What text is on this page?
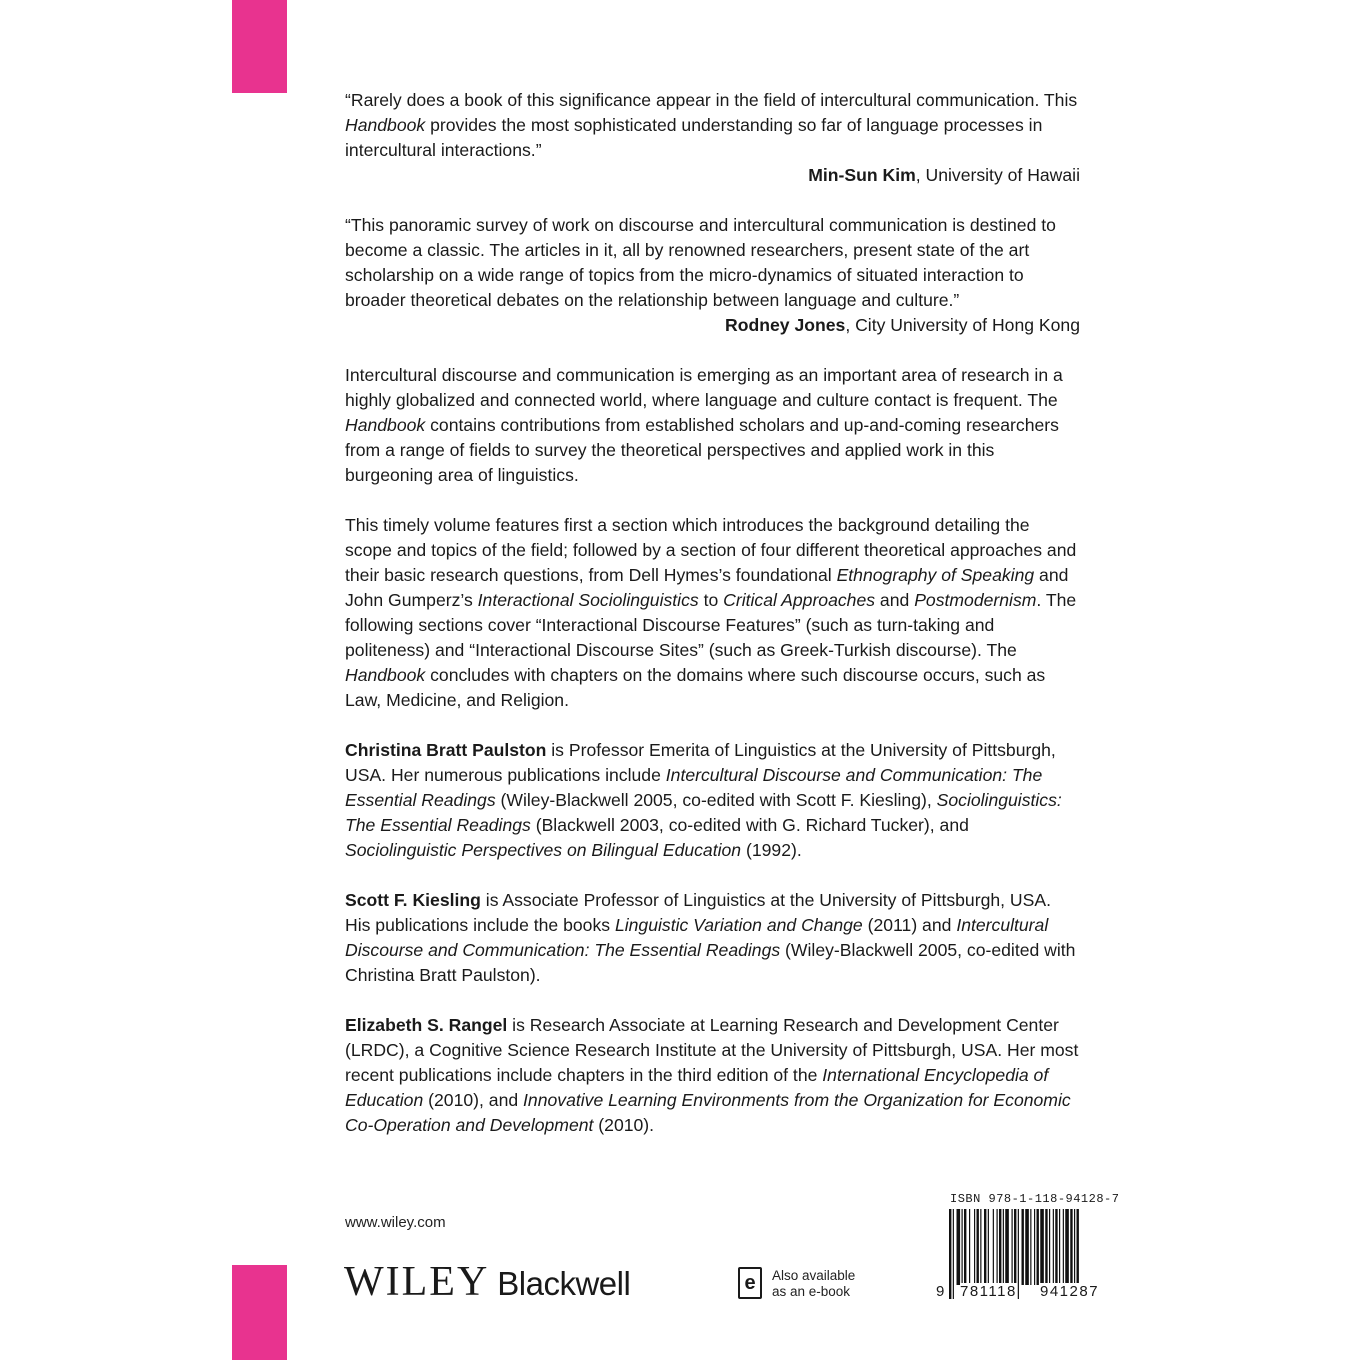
“Rarely does a book of this significance appear in the field of intercultural communication. This Handbook provides the most sophisticated understanding so far of language processes in intercultural interactions.”

Min-Sun Kim, University of Hawaii

“This panoramic survey of work on discourse and intercultural communication is destined to become a classic. The articles in it, all by renowned researchers, present state of the art scholarship on a wide range of topics from the micro-dynamics of situated interaction to broader theoretical debates on the relationship between language and culture.”

Rodney Jones, City University of Hong Kong

Intercultural discourse and communication is emerging as an important area of research in a highly globalized and connected world, where language and culture contact is frequent. The Handbook contains contributions from established scholars and up-and-coming researchers from a range of fields to survey the theoretical perspectives and applied work in this burgeoning area of linguistics.

This timely volume features first a section which introduces the background detailing the scope and topics of the field; followed by a section of four different theoretical approaches and their basic research questions, from Dell Hymes’s foundational Ethnography of Speaking and John Gumperz’s Interactional Sociolinguistics to Critical Approaches and Postmodernism. The following sections cover “Interactional Discourse Features” (such as turn-taking and politeness) and “Interactional Discourse Sites” (such as Greek-Turkish discourse). The Handbook concludes with chapters on the domains where such discourse occurs, such as Law, Medicine, and Religion.

Christina Bratt Paulston is Professor Emerita of Linguistics at the University of Pittsburgh, USA. Her numerous publications include Intercultural Discourse and Communication: The Essential Readings (Wiley-Blackwell 2005, co-edited with Scott F. Kiesling), Sociolinguistics: The Essential Readings (Blackwell 2003, co-edited with G. Richard Tucker), and Sociolinguistic Perspectives on Bilingual Education (1992).

Scott F. Kiesling is Associate Professor of Linguistics at the University of Pittsburgh, USA. His publications include the books Linguistic Variation and Change (2011) and Intercultural Discourse and Communication: The Essential Readings (Wiley-Blackwell 2005, co-edited with Christina Bratt Paulston).

Elizabeth S. Rangel is Research Associate at Learning Research and Development Center (LRDC), a Cognitive Science Research Institute at the University of Pittsburgh, USA. Her most recent publications include chapters in the third edition of the International Encyclopedia of Education (2010), and Innovative Learning Environments from the Organization for Economic Co-Operation and Development (2010).

www.wiley.com
WILEY Blackwell	e Also available
as an e-book
ISBN 978-1-118-94128-7
9 781118 941287
